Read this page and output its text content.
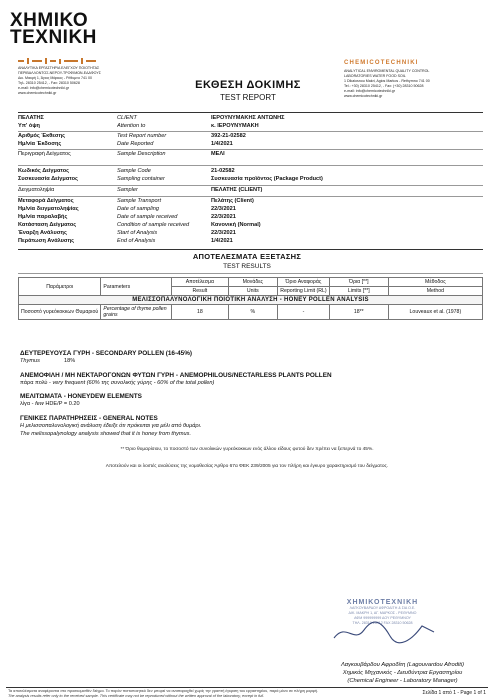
ΧΗΜΙΚΟ
ΤΕΧΝΙΚΗ
ΑΝΑΛΥΤΙΚΑ ΕΡΓΑΣΤΗΡΙΑ ΕΛΕΓΧΟΥ ΠΟΙΟΤΗΤΑΣ
ΠΕΡΙΒΑΛΛΟΝΤΟΣ-ΝΕΡΟΥ-ΤΡΟΦΙΜΩΝ-ΕΔΑΦΟΥΣ
Δικ. Μακρή 1, Άγιος Μάρκος - Ρέθυμνο 741 00
Τηλ. 28310 25412, - Fax: 28310 50628
e-mail: info@chemicotechniki.gr
www.chemicotechniki.gr
ΕΚΘΕΣΗ ΔΟΚΙΜΗΣ
TEST REPORT
CHEMICOTECHNIKI
ANALYTICAL ENVIROMENTAL QUALITY CONTROL
LABORATORIES WATER FOOD SOIL
1 Dikaiosnou Makri, Agios Markos - Rethymno 741 00
Tel.: +30) 28310 25412, - Fax: (+30) 28310 50628
e-mail: info@chemicotechniki.gr
www.chemicotechniki.gr
ΠΕΛΑΤΗΣ	CLIENT	ΙΕΡΟΥΝΥΜΑΚΗΣ ΑΝΤΩΝΗΣ
Υπ' όψη	Attention to	κ. ΙΕΡΟΥΝΥΜΑΚΗ
Αριθμός Έκθεσης	Test Report number	392-21-02582
Ημ/νία Έκδοσης	Date Reported	1/4/2021
Περιγραφή Δείγματος	Sample Description	ΜΕΛΙ
Κωδικός Δείγματος	Sample Code	21-02582
Συσκευασία Δείγματος	Sampling container	Συσκευασία προϊόντος (Package Product)
Δειγματοληψία	Sampler	ΠΕΛΑΤΗΣ (CLIENT)
Μεταφορά Δείγματος	Sample Transport	Πελάτης (Client)
Ημ/νία δειγματοληψίας	Date of sampling	22/3/2021
Ημ/νία παραλαβής	Date of sample received	22/3/2021
Κατάσταση Δείγματος	Condition of sample received	Κανονική (Normal)
Έναρξη Ανάλυσης	Start of Analysis	22/3/2021
Περάτωση Ανάλυσης	End of Analysis	1/4/2021
ΑΠΟΤΕΛΕΣΜΑΤΑ ΕΞΕΤΑΣΗΣ
TEST RESULTS
Παράμετροι	Parameters	Αποτέλεσμα	Μονάδες	Όριο Αναφοράς	Όρια [**]	Μέθοδος
		Result	Units	Reporting Limit (RL)	Limits [**]	Method
ΜΕΛΙΣΣΟΠΑΛΥΝΟΛΟΓΙΚΗ ΠΟΙΟΤΙΚΗ ΑΝΑΛΥΣΗ - HONEY POLLEN ANALYSIS						
Ποσοστό γυρεόκοκκων Θυμαριού	Percentage of thyme pollen grains	18	%	-	18**	Louveaux et al. (1978)
ΔΕΥΤΕΡΕΥΟΥΣΑ ΓΥΡΗ - SECONDARY POLLEN (16-45%)
Thymus	18%
ΑΝΕΜΟΦΙΛΗ / ΜΗ ΝΕΚΤΑΡΟΓΟΝΩΝ ΦΥΤΩΝ ΓΥΡΗ - ANEMOPHILOUS/NECTARLESS PLANTS POLLEN
πάρα πολύ - very frequent (60% της συνολικής γύρης - 60% of the total pollen)
ΜΕΛΙΤΩΜΑΤΑ - HONEYDEW ELEMENTS
λίγα - few HDE/P = 0.20
ΓΕΝΙΚΕΣ ΠΑΡΑΤΗΡΗΣΕΙΣ - GENERAL NOTES
Η μελισσοπαλυνολογική ανάλυση έδειξε ότι πρόκειται για μέλι από θυμάρι.
The melissopalynology analysis showed that it is honey from thymus.
** Όριο θυμαρίσιου, το ποσοστό των συνολικών γυρεόκοκκων ενός άλλου είδους φυτού δεν πρέπει να ξεπερνά το 45%.
Αποτελούν και οι λοιπές αναλύσεις της νομοθεσίας Άρθρο 67α ΦΕΚ 239/2005 για τον πλήρη και έγκυρο χαρακτηρισμό του δείγματος.
ΧΗΜΙΚΟΤΕΧΝΙΚΗ
ΛΑΓΚΟΥΒΑΡΔΟΥ ΑΦΡΟΔΙΤΗ & ΣΙΑ Ο.Ε.
ΔΙΚ. ΜΑΚΡΗ 1, ΑΓ. ΜΑΡΚΟΣ - ΡΕΘΥΜΝΟ
ΑΦΜ 999999999 ΔΟΥ ΡΕΘΥΜΝΟΥ
ΤΗΛ. 28310 25412 FAX 28310 50628
Λαγκουβάρδου Αφροδίτη (Lagouvardou Afroditi)
Χημικός Μηχανικός - Διευθύντρια Εργαστηρίου
(Chemical Engineer - Laboratory Manager)
Τα αποτελέσματα αναφέρονται στο προσκομισθέν δείγμα. Το παρόν πιστοποιητικό δεν μπορεί να αναπαραχθεί χωρίς την γραπτή έγκριση του εργαστηρίου, παρά μόνο σε πλήρη μορφή.
The analysis results refer only to the received sample. This certificate may not be reproduced without the written approval of the laboratory, except in full.	Σελίδα 1 από 1 - Page 1 of 1
